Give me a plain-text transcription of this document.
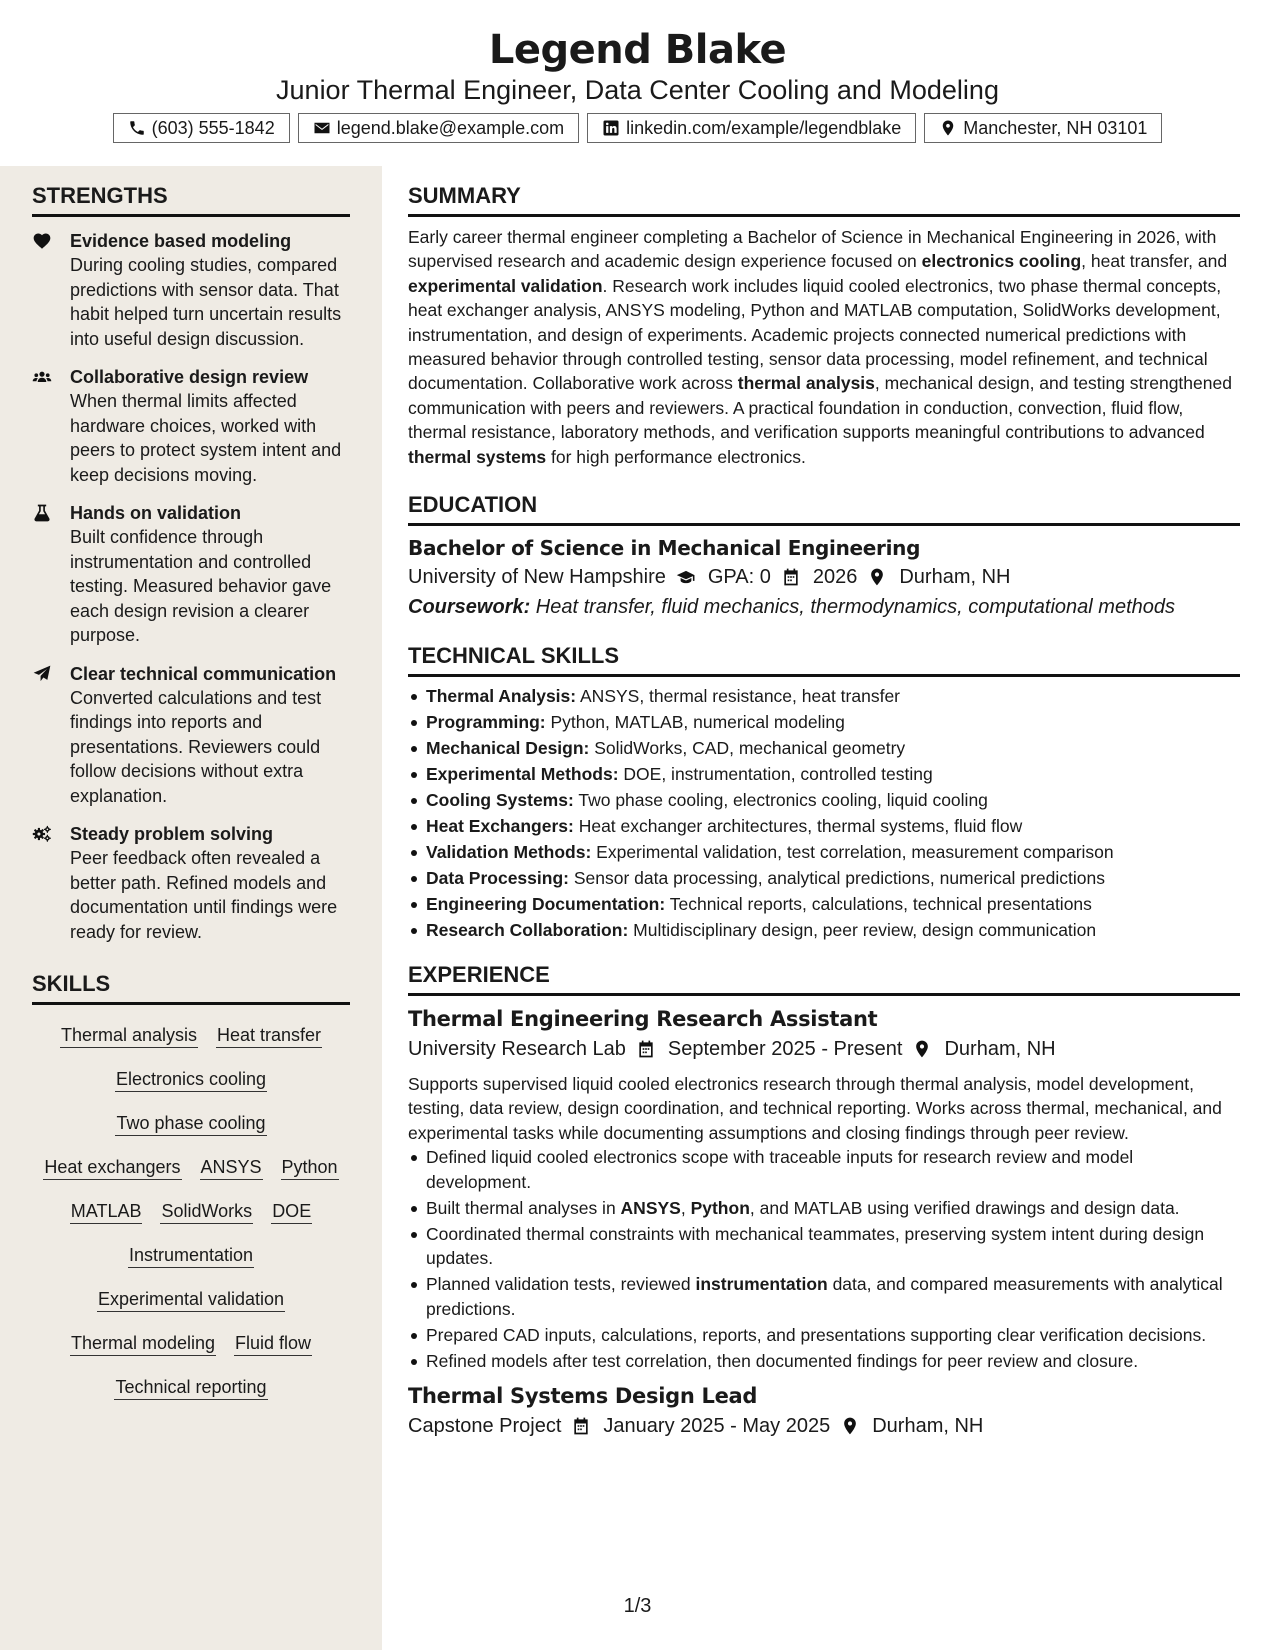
Legend Blake
Junior Thermal Engineer, Data Center Cooling and Modeling
(603) 555-1842	legend.blake@example.com	linkedin.com/example/legendblake	Manchester, NH 03101
STRENGTHS
Evidence based modeling
During cooling studies, compared predictions with sensor data. That habit helped turn uncertain results into useful design discussion.
Collaborative design review
When thermal limits affected hardware choices, worked with peers to protect system intent and keep decisions moving.
Hands on validation
Built confidence through instrumentation and controlled testing. Measured behavior gave each design revision a clearer purpose.
Clear technical communication
Converted calculations and test findings into reports and presentations. Reviewers could follow decisions without extra explanation.
Steady problem solving
Peer feedback often revealed a better path. Refined models and documentation until findings were ready for review.
SKILLS
Thermal analysis Heat transfer
Electronics cooling
Two phase cooling
Heat exchangers ANSYS Python
MATLAB SolidWorks DOE
Instrumentation
Experimental validation
Thermal modeling Fluid flow
Technical reporting
SUMMARY
Early career thermal engineer completing a Bachelor of Science in Mechanical Engineering in 2026, with supervised research and academic design experience focused on electronics cooling, heat transfer, and experimental validation. Research work includes liquid cooled electronics, two phase thermal concepts, heat exchanger analysis, ANSYS modeling, Python and MATLAB computation, SolidWorks development, instrumentation, and design of experiments. Academic projects connected numerical predictions with measured behavior through controlled testing, sensor data processing, model refinement, and technical documentation. Collaborative work across thermal analysis, mechanical design, and testing strengthened communication with peers and reviewers. A practical foundation in conduction, convection, fluid flow, thermal resistance, laboratory methods, and verification supports meaningful contributions to advanced thermal systems for high performance electronics.
EDUCATION
Bachelor of Science in Mechanical Engineering
University of New Hampshire GPA: 0 2026 Durham, NH
Coursework: Heat transfer, fluid mechanics, thermodynamics, computational methods
TECHNICAL SKILLS
Thermal Analysis: ANSYS, thermal resistance, heat transfer
Programming: Python, MATLAB, numerical modeling
Mechanical Design: SolidWorks, CAD, mechanical geometry
Experimental Methods: DOE, instrumentation, controlled testing
Cooling Systems: Two phase cooling, electronics cooling, liquid cooling
Heat Exchangers: Heat exchanger architectures, thermal systems, fluid flow
Validation Methods: Experimental validation, test correlation, measurement comparison
Data Processing: Sensor data processing, analytical predictions, numerical predictions
Engineering Documentation: Technical reports, calculations, technical presentations
Research Collaboration: Multidisciplinary design, peer review, design communication
EXPERIENCE
Thermal Engineering Research Assistant
University Research Lab September 2025 - Present Durham, NH
Supports supervised liquid cooled electronics research through thermal analysis, model development, testing, data review, design coordination, and technical reporting. Works across thermal, mechanical, and experimental tasks while documenting assumptions and closing findings through peer review.
Defined liquid cooled electronics scope with traceable inputs for research review and model development.
Built thermal analyses in ANSYS, Python, and MATLAB using verified drawings and design data.
Coordinated thermal constraints with mechanical teammates, preserving system intent during design updates.
Planned validation tests, reviewed instrumentation data, and compared measurements with analytical predictions.
Prepared CAD inputs, calculations, reports, and presentations supporting clear verification decisions.
Refined models after test correlation, then documented findings for peer review and closure.
Thermal Systems Design Lead
Capstone Project January 2025 - May 2025 Durham, NH
1/3
